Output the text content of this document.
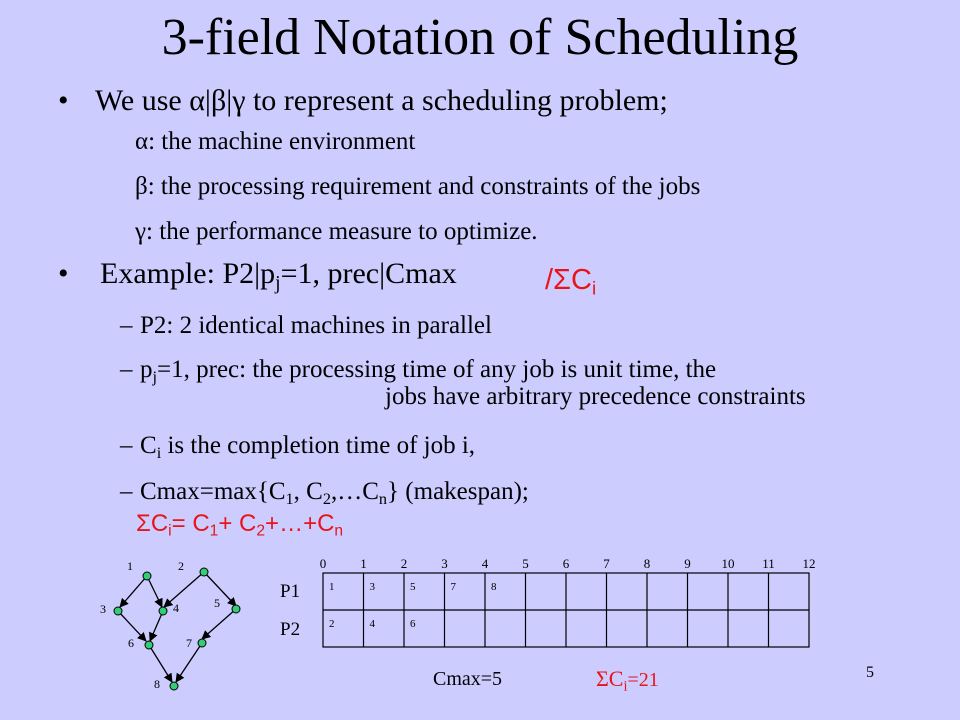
3-field Notation of Scheduling
• We use α|β|γ to represent a scheduling problem;
α: the machine environment
β: the processing requirement and constraints of the jobs
γ: the performance measure to optimize.
• Example: $P2|p_j=1$, prec|Cmax	$/\Sigma C_i$
– P2: 2 identical machines in parallel
– $p_j=1$, prec: the processing time of any job is unit time, the
jobs have arbitrary precedence constraints
– $C_i$ is the completion time of job i,
– $Cmax=\max\{C_1$, $C_2,\dots C_n$} (makespan);
$\Sigma C_i= C_1+$ $C_2+\dots+C_n$
1	2
3	4	5
6	7
8
0	1	2	3	4	5	6	7	8	9 10 11 12
P1
P2
1	3	5	7	8
2	4	6
Cmax=5	$\Sigma C_i=21$	5
